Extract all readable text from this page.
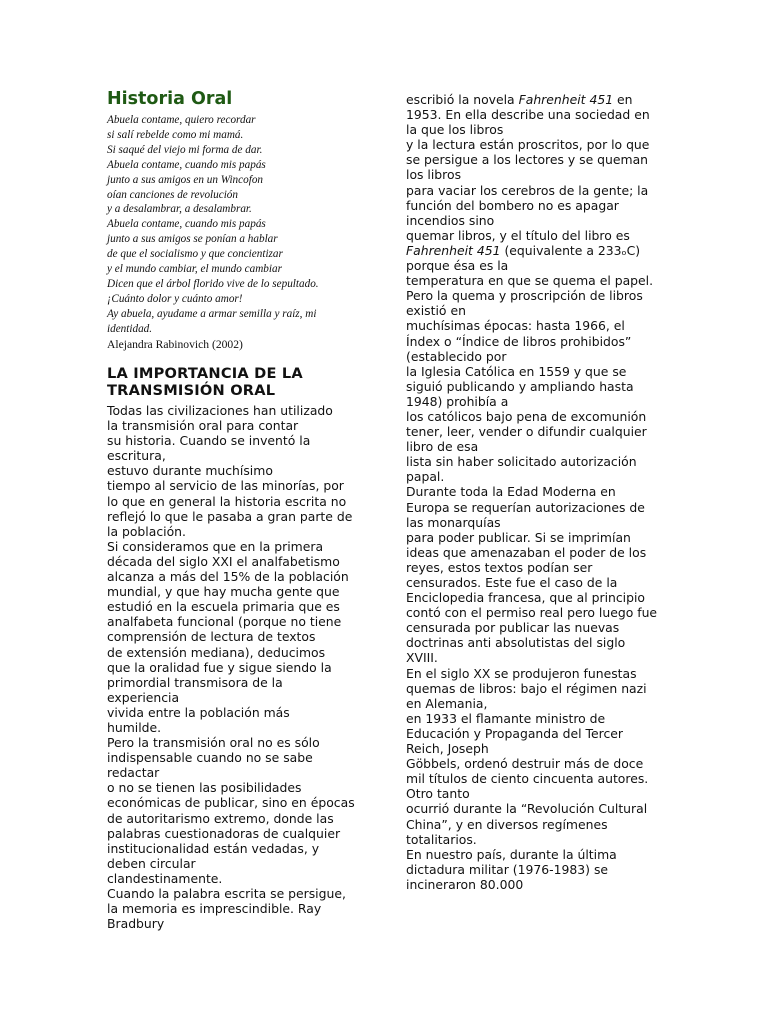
Historia Oral
Abuela contame, quiero recordar
si salí rebelde como mi mamá.
Si saqué del viejo mi forma de dar.
Abuela contame, cuando mis papás
junto a sus amigos en un Wincofon
oían canciones de revolución
y a desalambrar, a desalambrar.
Abuela contame, cuando mis papás
junto a sus amigos se ponían a hablar
de que el socialismo y que concientizar
y el mundo cambiar, el mundo cambiar
Dicen que el árbol florido vive de lo sepultado.
¡Cuánto dolor y cuánto amor!
Ay abuela, ayudame a armar semilla y raíz, mi
identidad.
Alejandra Rabinovich (2002)
LA IMPORTANCIA DE LA
TRANSMISIÓN ORAL
Todas las civilizaciones han utilizado
la transmisión oral para contar
su historia. Cuando se inventó la
escritura,
estuvo durante muchísimo
tiempo al servicio de las minorías, por
lo que en general la historia escrita no
reflejó lo que le pasaba a gran parte de
la población.
Si consideramos que en la primera
década del siglo XXI el analfabetismo
alcanza a más del 15% de la población
mundial, y que hay mucha gente que
estudió en la escuela primaria que es
analfabeta funcional (porque no tiene
comprensión de lectura de textos
de extensión mediana), deducimos
que la oralidad fue y sigue siendo la
primordial transmisora de la
experiencia
vivida entre la población más
humilde.
Pero la transmisión oral no es sólo
indispensable cuando no se sabe
redactar
o no se tienen las posibilidades
económicas de publicar, sino en épocas
de autoritarismo extremo, donde las
palabras cuestionadoras de cualquier
institucionalidad están vedadas, y
deben circular
clandestinamente.
Cuando la palabra escrita se persigue,
la memoria es imprescindible. Ray
Bradbury
escribió la novela Fahrenheit 451 en
1953. En ella describe una sociedad en
la que los libros
y la lectura están proscritos, por lo que
se persigue a los lectores y se queman
los libros
para vaciar los cerebros de la gente; la
función del bombero no es apagar
incendios sino
quemar libros, y el título del libro es
Fahrenheit 451 (equivalente a 233ₒC)
porque ésa es la
temperatura en que se quema el papel.
Pero la quema y proscripción de libros
existió en
muchísimas épocas: hasta 1966, el
Índex o “Índice de libros prohibidos”
(establecido por
la Iglesia Católica en 1559 y que se
siguió publicando y ampliando hasta
1948) prohibía a
los católicos bajo pena de excomunión
tener, leer, vender o difundir cualquier
libro de esa
lista sin haber solicitado autorización
papal.
Durante toda la Edad Moderna en
Europa se requerían autorizaciones de
las monarquías
para poder publicar. Si se imprimían
ideas que amenazaban el poder de los
reyes, estos textos podían ser
censurados. Este fue el caso de la
Enciclopedia francesa, que al principio
contó con el permiso real pero luego fue
censurada por publicar las nuevas
doctrinas anti absolutistas del siglo
XVIII.
En el siglo XX se produjeron funestas
quemas de libros: bajo el régimen nazi
en Alemania,
en 1933 el flamante ministro de
Educación y Propaganda del Tercer
Reich, Joseph
Göbbels, ordenó destruir más de doce
mil títulos de ciento cincuenta autores.
Otro tanto
ocurrió durante la “Revolución Cultural
China”, y en diversos regímenes
totalitarios.
En nuestro país, durante la última
dictadura militar (1976-1983) se
incineraron 80.000
